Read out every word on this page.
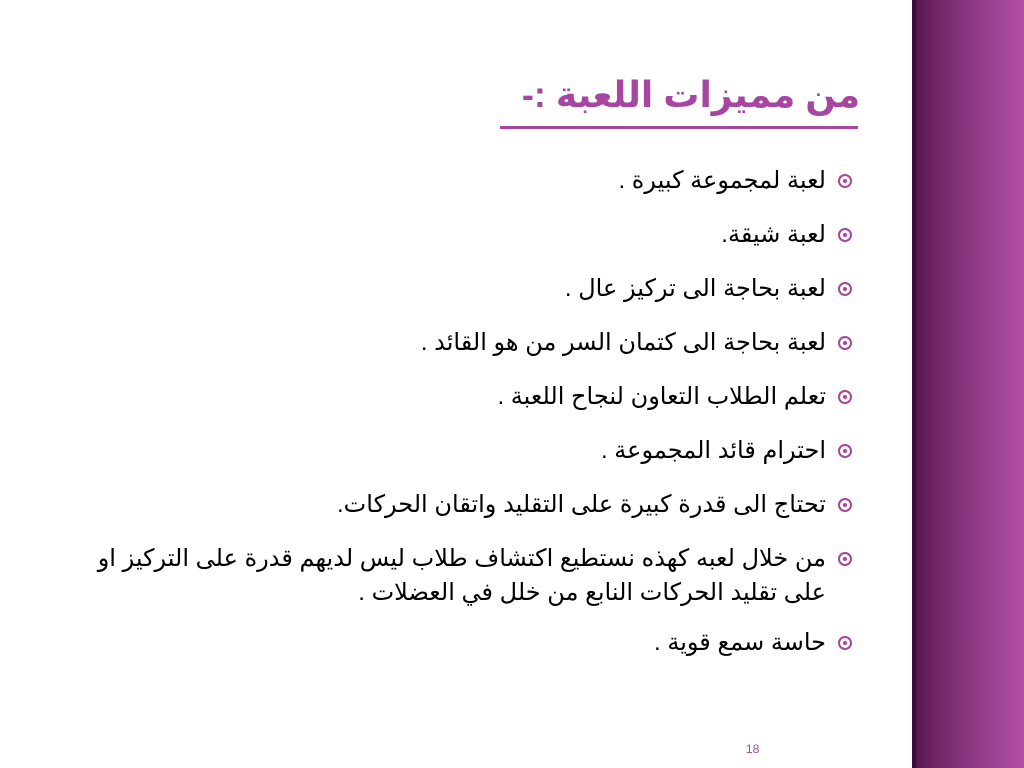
من مميزات اللعبة :-
لعبة لمجموعة كبيرة .
لعبة شيقة.
لعبة بحاجة الى تركيز عال .
لعبة بحاجة الى كتمان السر من هو القائد .
تعلم الطلاب التعاون لنجاح اللعبة .
احترام قائد المجموعة .
تحتاج الى قدرة كبيرة على التقليد واتقان الحركات.
من خلال لعبه كهذه نستطيع اكتشاف طلاب ليس لديهم قدرة على التركيز او على تقليد الحركات النابع من خلل في العضلات .
حاسة سمع قوية .
18
